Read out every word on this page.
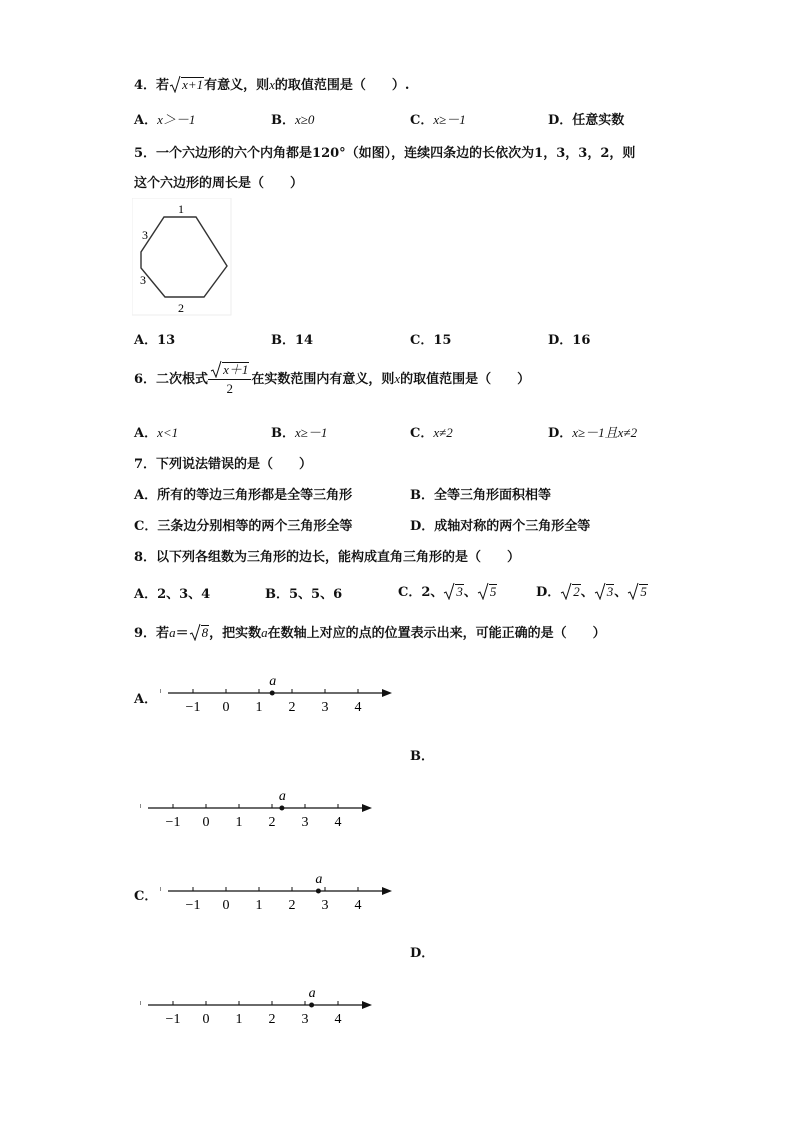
4．若 x+1有意义，则x的取值范围是（　　）.
A．x＞－1	B．x≥0	C．x≥－1	D．任意实数
5．一个六边形的六个内角都是120°（如图），连续四条边的长依次为1，3，3，2，则
这个六边形的周长是（　　）
1
3
3
2
A．13	B．14	C．15	D．16
6．二次根式 $\frac{x+1}{2}$ 在实数范围内有意义，则x的取值范围是（　　）
A．x<1	B．x≥－1	C．x≠2	D．x≥－1且x≠2
7．下列说法错误的是（　　）
A．所有的等边三角形都是全等三角形	B．全等三角形面积相等
C．三条边分别相等的两个三角形全等	D．成轴对称的两个三角形全等
8．以下列各组数为三角形的边长，能构成直角三角形的是（　　）
A．2、3、4	B．5、5、6	C．2、 3、 5	D． 2、 3、 5
9．若a＝ 8，把实数a在数轴上对应的点的位置表示出来，可能正确的是（　　）
A．
−1 0 1 2 3 4
a
B．
−1 0 1 2 3 4
a
C．
−1 0 1 2 3 4
a
D．
−1 0 1 2 3 4
a
